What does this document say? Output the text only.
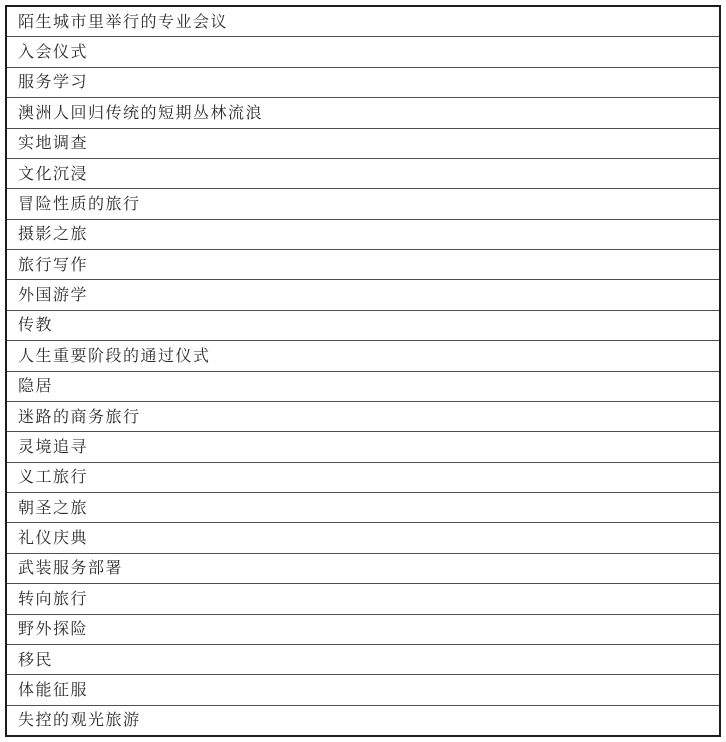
陌生城市里举行的专业会议
入会仪式
服务学习
澳洲人回归传统的短期丛林流浪
实地调查
文化沉浸
冒险性质的旅行
摄影之旅
旅行写作
外国游学
传教
人生重要阶段的通过仪式
隐居
迷路的商务旅行
灵境追寻
义工旅行
朝圣之旅
礼仪庆典
武装服务部署
转向旅行
野外探险
移民
体能征服
失控的观光旅游
